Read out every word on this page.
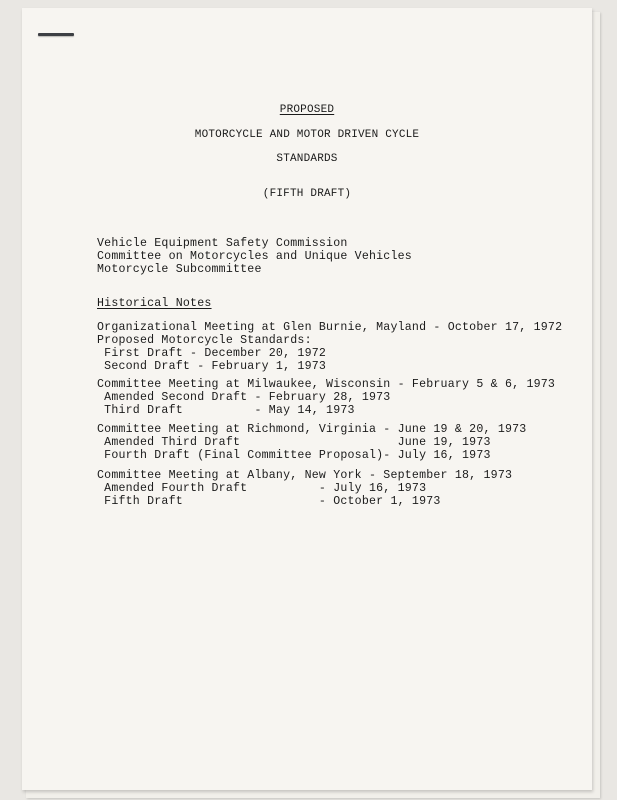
PROPOSED
MOTORCYCLE AND MOTOR DRIVEN CYCLE
STANDARDS
(FIFTH DRAFT)
Vehicle Equipment Safety Commission
Committee on Motorcycles and Unique Vehicles
Motorcycle Subcommittee
Historical Notes
Organizational Meeting at Glen Burnie, Mayland - October 17, 1972
Proposed Motorcycle Standards:
First Draft - December 20, 1972
Second Draft - February 1, 1973
Committee Meeting at Milwaukee, Wisconsin - February 5 & 6, 1973
Amended Second Draft - February 28, 1973
Third Draft          - May 14, 1973
Committee Meeting at Richmond, Virginia - June 19 & 20, 1973
Amended Third Draft                      June 19, 1973
Fourth Draft (Final Committee Proposal)- July 16, 1973
Committee Meeting at Albany, New York - September 18, 1973
Amended Fourth Draft          - July 16, 1973
Fifth Draft                   - October 1, 1973
